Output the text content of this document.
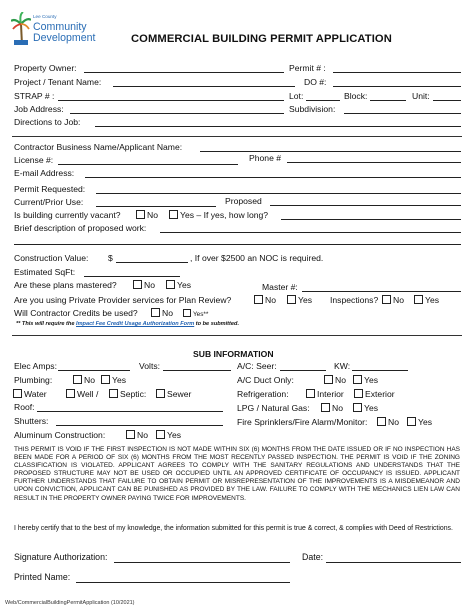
Lee County
Community
Development	COMMERCIAL BUILDING PERMIT APPLICATION
Property Owner:	Permit # :
Project / Tenant Name:	DO #:
STRAP # :	Lot:	Block:	Unit:
Job Address:	Subdivision:
Directions to Job:
Contractor Business Name/Applicant Name:
License #:	Phone #
E-mail Address:
Permit Requested:
Current/Prior Use:	Proposed
Is building currently vacant?	No	Yes – If yes, how long?
Brief description of proposed work:
Construction Value: $	, If over $2500 an NOC is required.
Estimated SqFt:
Are these plans mastered?	No	Yes	Master #:
Are you using Private Provider services for Plan Review?	No	Yes Inspections?	No	Yes
Will Contractor Credits be used?	No	Yes**
** This will require the Impact Fee Credit Usage Authorization Form to be submitted.
SUB INFORMATION
Elec Amps:	Volts:	A/C: Seer:	KW:
Plumbing:	No	Yes	A/C Duct Only:	No	Yes
Water	Well /	Septic:	Sewer	Refrigeration:	Interior	Exterior
Roof:	LPG / Natural Gas:	No	Yes
Shutters:	Fire Sprinklers/Fire Alarm/Monitor:	No	Yes
Aluminum Construction:	No	Yes
THIS PERMIT IS VOID IF THE FIRST INSPECTION IS NOT MADE WITHIN SIX (6) MONTHS FROM THE DATE ISSUED OR IF NO INSPECTION HAS BEEN MADE FOR A PERIOD OF SIX (6) MONTHS FROM THE MOST RECENTLY PASSED INSPECTION. THE PERMIT IS VOID IF THE ZONING CLASSIFICATION IS VIOLATED. APPLICANT AGREES TO COMPLY WITH THE SANITARY REGULATIONS AND UNDERSTANDS THAT THE PROPOSED STRUCTURE MAY NOT BE USED OR OCCUPIED UNTIL AN APPROVED CERTIFICATE OF OCCUPANCY IS ISSUED. APPLICANT FURTHER UNDERSTANDS THAT FAILURE TO OBTAIN PERMIT OR MISREPRESENTATION OF THE IMPROVEMENTS IS A MISDEMEANOR AND UPON CONVICTION, APPLICANT CAN BE PUNISHED AS PROVIDED BY THE LAW. FAILURE TO COMPLY WITH THE MECHANICS LIEN LAW CAN RESULT IN THE PROPERTY OWNER PAYING TWICE FOR IMPROVEMENTS.
I hereby certify that to the best of my knowledge, the information submitted for this permit is true & correct, & complies with Deed of Restrictions.
Signature Authorization:	Date:
Printed Name:
Web/CommercialBuildingPermitApplication (10/2021)
